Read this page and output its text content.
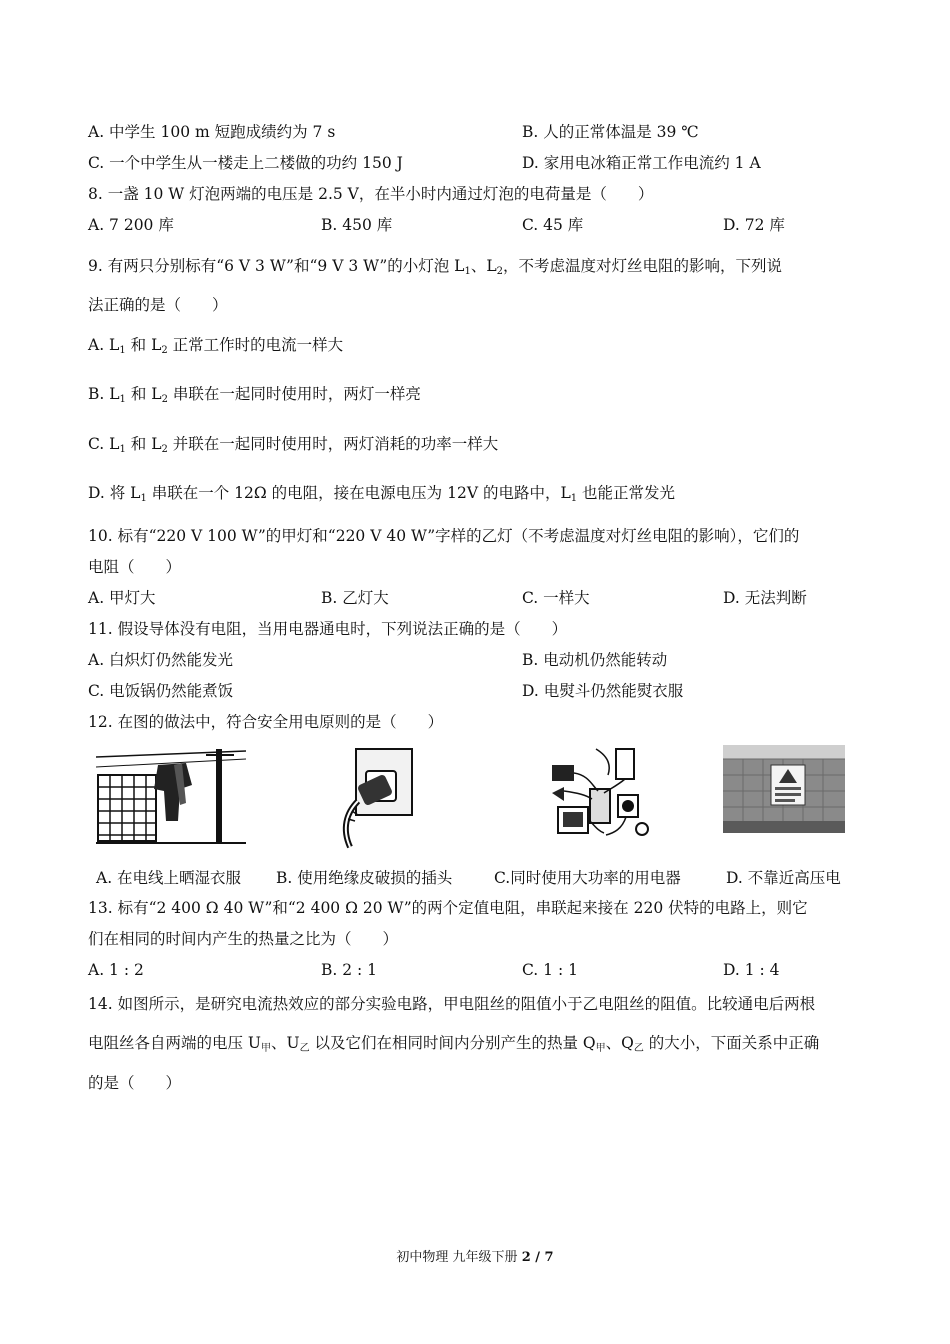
A. 中学生 100 m 短跑成绩约为 7 s	B. 人的正常体温是 39 ℃
C. 一个中学生从一楼走上二楼做的功约 150 J	D. 家用电冰箱正常工作电流约 1 A
8. 一盏 10 W 灯泡两端的电压是 2.5 V，在半小时内通过灯泡的电荷量是（　　）
A. 7 200 库	B. 450 库	C. 45 库	D. 72 库
9. 有两只分别标有“6 V 3 W”和“9 V 3 W”的小灯泡 $L_1$、$L_2$，不考虑温度对灯丝电阻的影响，下列说
法正确的是（　　）
A. $L_1$ 和 $L_2$ 正常工作时的电流一样大
B. $L_1$ 和 $L_2$ 串联在一起同时使用时，两灯一样亮
C. $L_1$ 和 $L_2$ 并联在一起同时使用时，两灯消耗的功率一样大
D. 将 $L_1$ 串联在一个 12Ω 的电阻，接在电源电压为 12V 的电路中，$L_1$ 也能正常发光
10. 标有“220 V 100 W”的甲灯和“220 V 40 W”字样的乙灯（不考虑温度对灯丝电阻的影响），它们的
电阻（　　）
A. 甲灯大	B. 乙灯大	C. 一样大	D. 无法判断
11. 假设导体没有电阻，当用电器通电时，下列说法正确的是（　　）
A. 白炽灯仍然能发光	B. 电动机仍然能转动
C. 电饭锅仍然能煮饭	D. 电熨斗仍然能熨衣服
12. 在图的做法中，符合安全用电原则的是（　　）
A. 在电线上晒湿衣服 B. 使用绝缘皮破损的插头	C.同时使用大功率的用电器	D. 不靠近高压电
13. 标有“2 400 Ω 40 W”和“2 400 Ω 20 W”的两个定值电阻，串联起来接在 220 伏特的电路上，则它
们在相同的时间内产生的热量之比为（　　）
A. 1 : 2	B. 2 : 1	C. 1 : 1	D. 1 : 4
14. 如图所示，是研究电流热效应的部分实验电路，甲电阻丝的阻值小于乙电阻丝的阻值。比较通电后两根
电阻丝各自两端的电压 $U_甲$、$U_乙$ 以及它们在相同时间内分别产生的热量 $Q_甲$、$Q_乙$ 的大小，下面关系中正确
的是（　　）
初中物理 九年级下册 2 / 7
